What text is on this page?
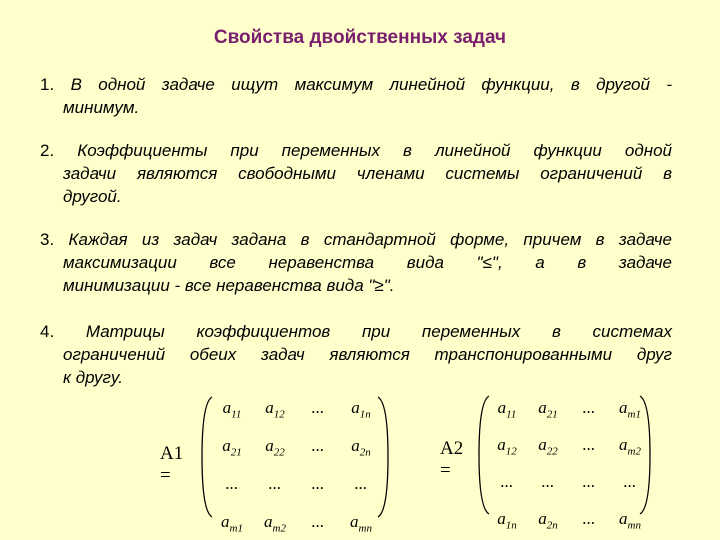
Свойства двойственных задач
1. В одной задаче ищут максимум линейной функции, в другой -
минимум.
2. Коэффициенты при переменных в линейной функции одной
задачи являются свободными членами системы ограничений в
другой.
3. Каждая из задач задана в стандартной форме, причем в задаче
максимизации все неравенства вида "≤", а в задаче
минимизации - все неравенства вида "≥".
4. Матрицы коэффициентов при переменных в системах
ограничений обеих задач являются транспонированными друг
к другу.
A1 =
$a_{11}$	$a_{12}$	...	$a_{1n}$
$a_{21}$	$a_{22}$	...	$a_{2n}$
...	...	...	...
$a_{m1}$	$a_{m2}$	...	$a_{mn}$
A2 =
$a_{11}$	$a_{21}$	...	$a_{m1}$
$a_{12}$	$a_{22}$	...	$a_{m2}$
...	...	...	...
$a_{1n}$	$a_{2n}$	...	$a_{mn}$
